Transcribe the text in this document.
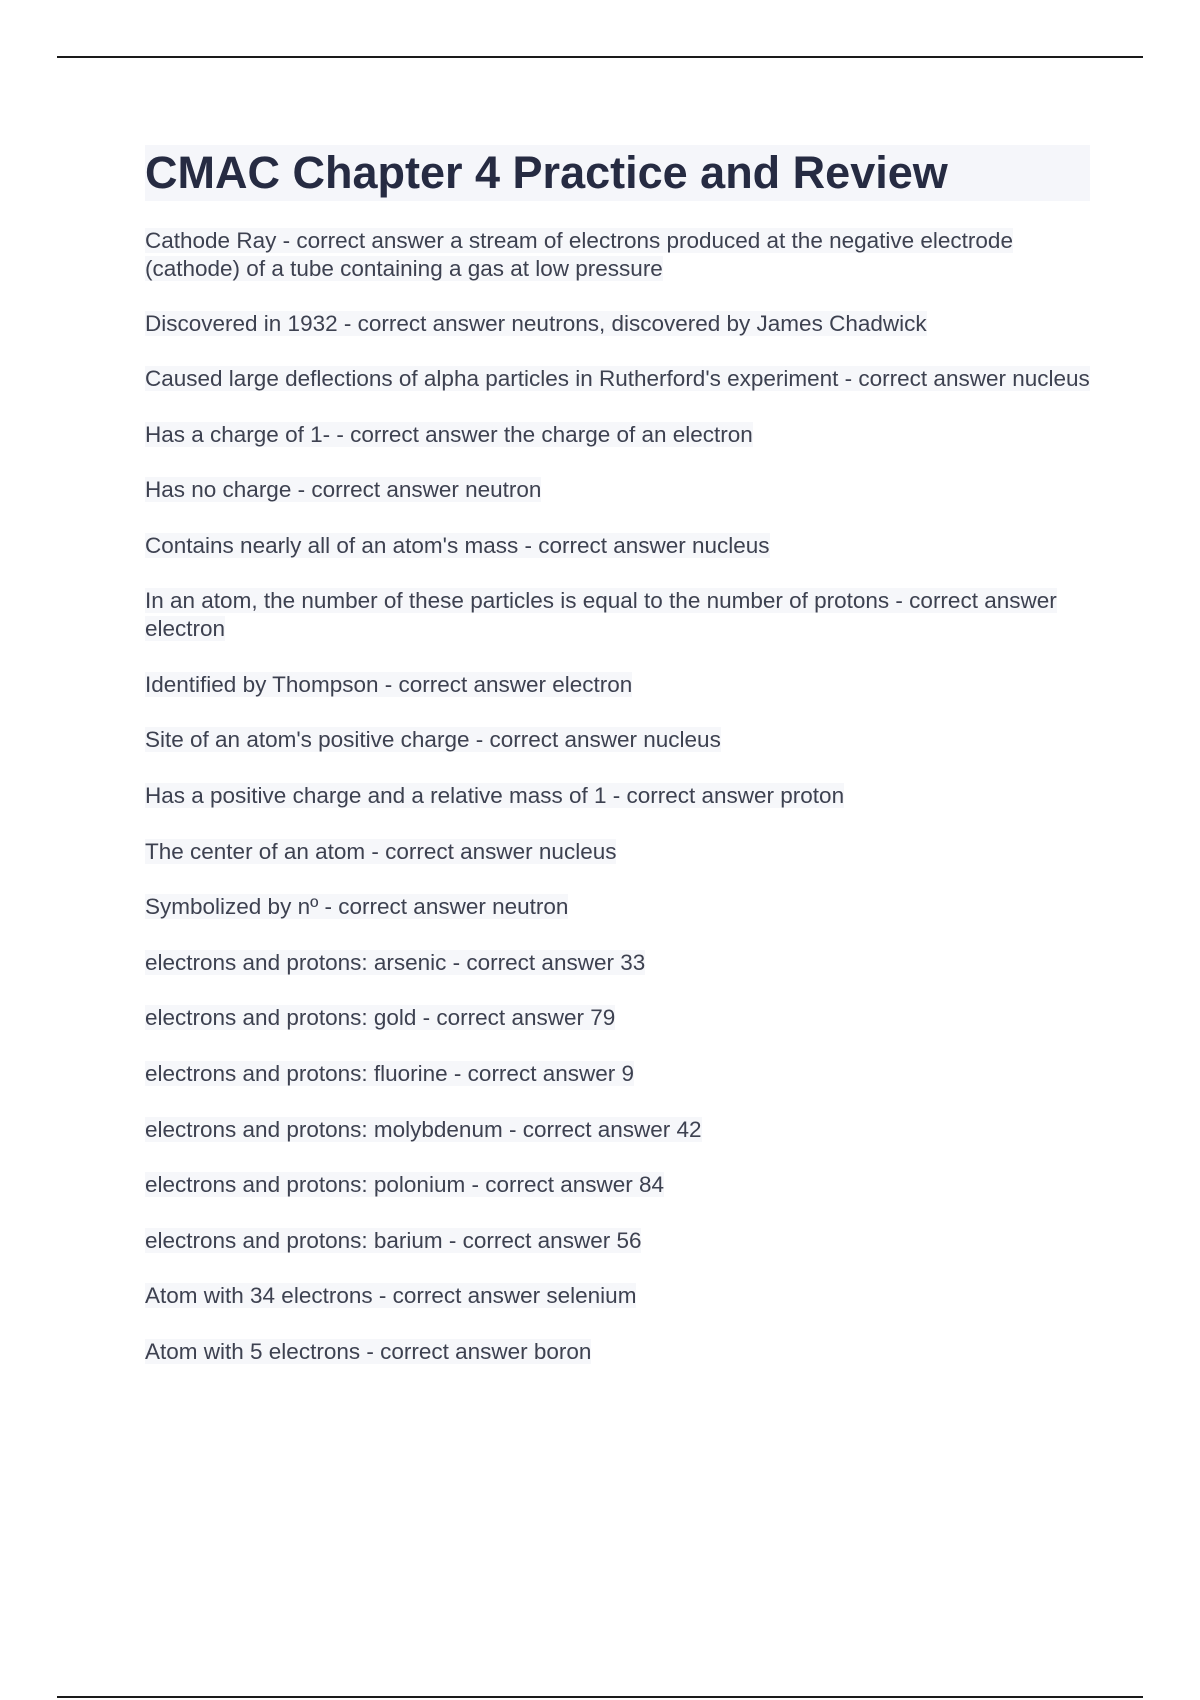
CMAC Chapter 4 Practice and Review
Cathode Ray - correct answer a stream of electrons produced at the negative electrode (cathode) of a tube containing a gas at low pressure
Discovered in 1932 - correct answer neutrons, discovered by James Chadwick
Caused large deflections of alpha particles in Rutherford's experiment - correct answer nucleus
Has a charge of 1- - correct answer the charge of an electron
Has no charge - correct answer neutron
Contains nearly all of an atom's mass - correct answer nucleus
In an atom, the number of these particles is equal to the number of protons - correct answer electron
Identified by Thompson - correct answer electron
Site of an atom's positive charge - correct answer nucleus
Has a positive charge and a relative mass of 1 - correct answer proton
The center of an atom - correct answer nucleus
Symbolized by nº - correct answer neutron
electrons and protons: arsenic - correct answer 33
electrons and protons: gold - correct answer 79
electrons and protons: fluorine - correct answer 9
electrons and protons: molybdenum - correct answer 42
electrons and protons: polonium - correct answer 84
electrons and protons: barium - correct answer 56
Atom with 34 electrons - correct answer selenium
Atom with 5 electrons - correct answer boron
